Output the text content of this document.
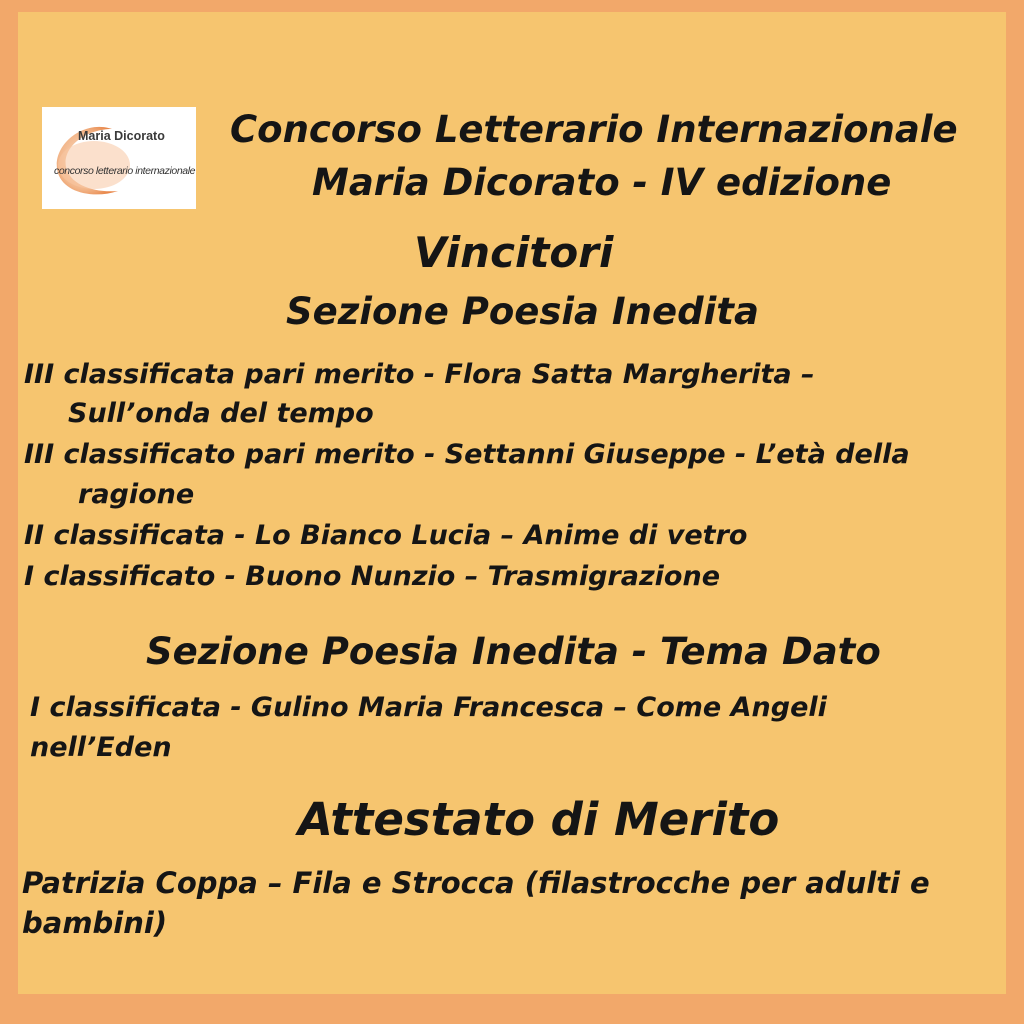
Maria Dicorato
concorso letterario internazionale

Concorso Letterario Internazionale

Maria Dicorato - IV edizione

Vincitori

Sezione Poesia Inedita

III classificata pari merito - Flora Satta Margherita –

Sull’onda del tempo

III classificato pari merito - Settanni Giuseppe - L’età della

ragione

II classificata - Lo Bianco Lucia – Anime di vetro

I classificato - Buono Nunzio – Trasmigrazione

Sezione Poesia Inedita - Tema Dato

I classificata - Gulino Maria Francesca – Come Angeli

nell’Eden

Attestato di Merito

Patrizia Coppa – Fila e Strocca (filastrocche per adulti e

bambini)
